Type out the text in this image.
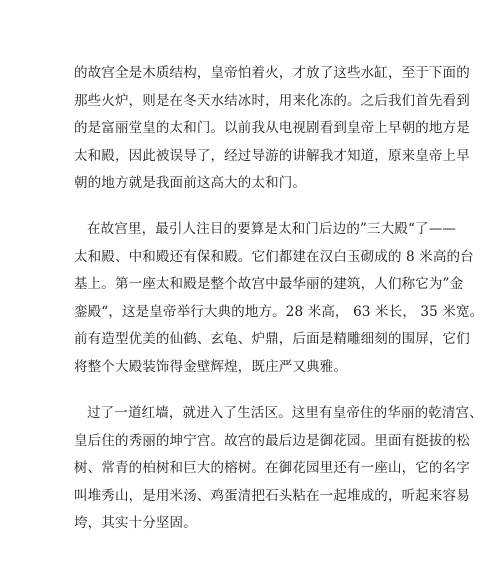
的故宫全是木质结构，皇帝怕着火，才放了这些水缸，至于下面的
那些火炉，则是在冬天水结冰时，用来化冻的。之后我们首先看到
的是富丽堂皇的太和门。以前我从电视剧看到皇帝上早朝的地方是
太和殿，因此被误导了，经过导游的讲解我才知道，原来皇帝上早
朝的地方就是我面前这高大的太和门。
在故宫里，最引人注目的要算是太和门后边的”三大殿“了——
太和殿、中和殿还有保和殿。它们都建在汉白玉砌成的 8 米高的台
基上。第一座太和殿是整个故宫中最华丽的建筑，人们称它为”金
銮殿“，这是皇帝举行大典的地方。28 米高， 63 米长， 35 米宽。
前有造型优美的仙鹤、玄龟、炉鼎，后面是精雕细刻的围屏，它们
将整个大殿装饰得金壁辉煌，既庄严又典雅。
过了一道红墙，就进入了生活区。这里有皇帝住的华丽的乾清宫、
皇后住的秀丽的坤宁宫。故宫的最后边是御花园。里面有挺拔的松
树、常青的柏树和巨大的榕树。在御花园里还有一座山，它的名字
叫堆秀山，是用米汤、鸡蛋清把石头粘在一起堆成的，听起来容易
垮，其实十分坚固。
